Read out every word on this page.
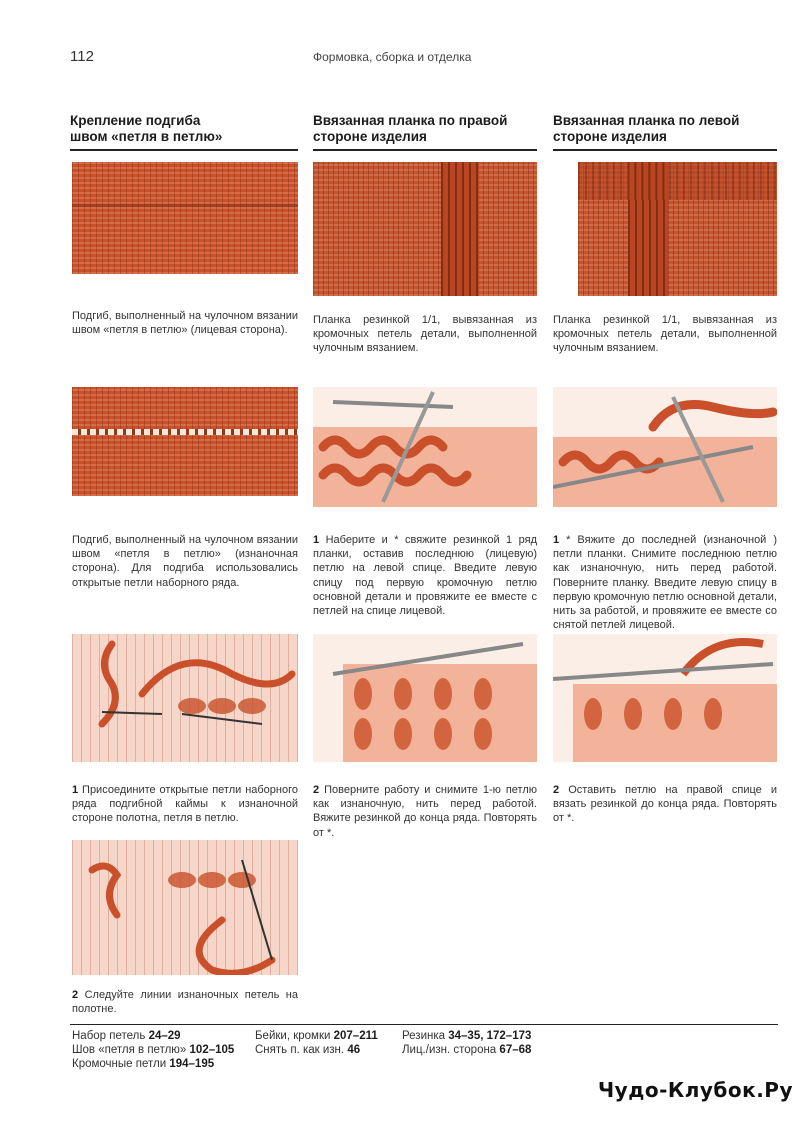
112	Формовка, сборка и отделка
Крепление подгиба
швом «петля в петлю»
Ввязанная планка по правой
стороне изделия
Ввязанная планка по левой
стороне изделия
Подгиб, выполненный на чулочном вязании швом «петля в петлю» (лицевая сторона).
Планка резинкой 1/1, вывязанная из кромочных петель детали, выполненной чулочным вязанием.
Планка резинкой 1/1, вывязанная из кромочных петель детали, выполненной чулочным вязанием.
Подгиб, выполненный на чулочном вязании швом «петля в петлю» (изнаночная сторона). Для подгиба использовались открытые петли наборного ряда.
1 Наберите и * свяжите резинкой 1 ряд планки, оставив последнюю (лицевую) петлю на левой спице. Введите левую спицу под первую кромочную петлю основной детали и провяжите ее вместе с петлей на спице лицевой.
1 * Вяжите до последней (изнаночной ) петли планки. Снимите последнюю петлю как изнаночную, нить перед работой. Поверните планку. Введите левую спицу в первую кромочную петлю основной детали, нить за работой, и провяжите ее вместе со снятой петлей лицевой.
1 Присоедините открытые петли наборного ряда подгибной каймы к изнаночной стороне полотна, петля в петлю.
2 Поверните работу и снимите 1-ю петлю как изнаночную, нить перед работой. Вяжите резинкой до конца ряда. Повторять от *.
2 Оставить петлю на правой спице и вязать резинкой до конца ряда. Повторять от *.
2 Следуйте линии изнаночных петель на полотне.
Набор петель 24–29
Шов «петля в петлю» 102–105
Кромочные петли 194–195
Бейки, кромки 207–211
Снять п. как изн. 46
Резинка 34–35, 172–173
Лиц./изн. сторона 67–68
Чудо-Клубок.Ру
